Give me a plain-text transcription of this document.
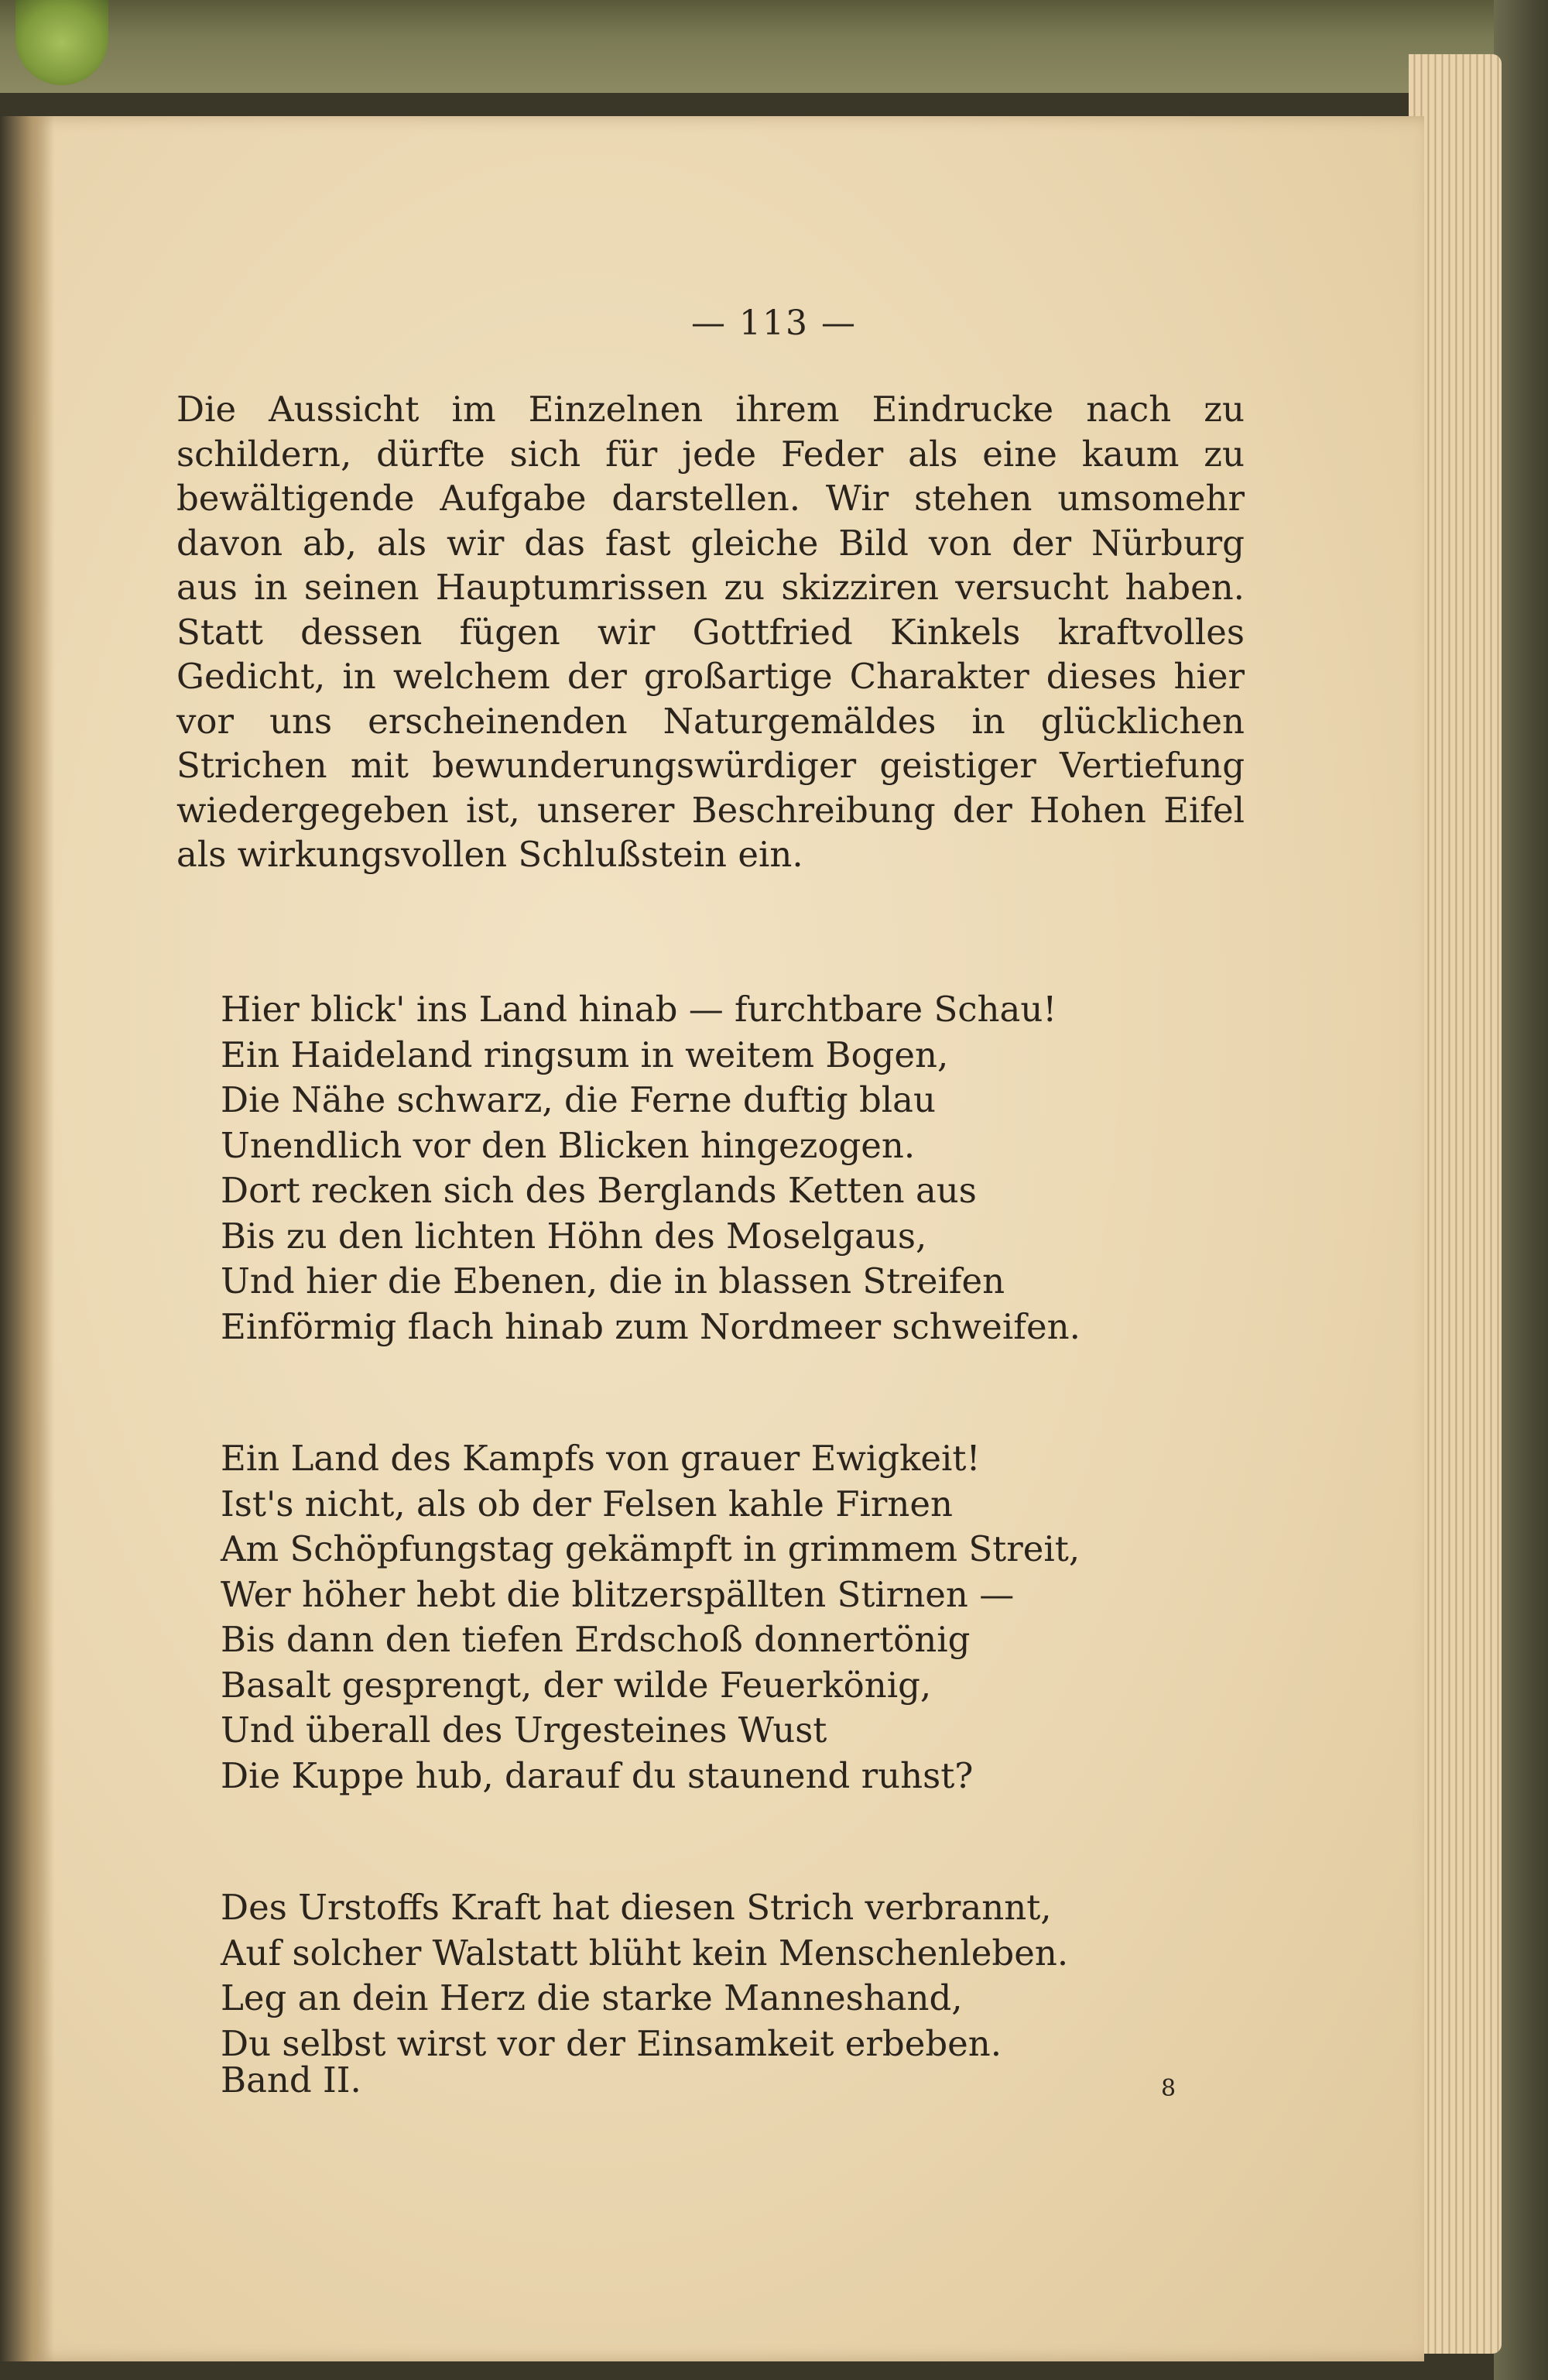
— 113 —
Die Aussicht im Einzelnen ihrem Eindrucke nach zu
schildern, dürfte sich für jede Feder als eine kaum zu
bewältigende Aufgabe darstellen. Wir stehen umsomehr
davon ab, als wir das fast gleiche Bild von der Nürburg
aus in seinen Hauptumrissen zu skizziren versucht haben.
Statt dessen fügen wir Gottfried Kinkels kraftvolles
Gedicht, in welchem der großartige Charakter dieses hier
vor uns erscheinenden Naturgemäldes in glücklichen
Strichen mit bewunderungswürdiger geistiger Vertiefung
wiedergegeben ist, unserer Beschreibung der Hohen Eifel
als wirkungsvollen Schlußstein ein.
Hier blick' ins Land hinab — furchtbare Schau!
Ein Haideland ringsum in weitem Bogen,
Die Nähe schwarz, die Ferne duftig blau
Unendlich vor den Blicken hingezogen.
Dort recken sich des Berglands Ketten aus
Bis zu den lichten Höhn des Moselgaus,
Und hier die Ebenen, die in blassen Streifen
Einförmig flach hinab zum Nordmeer schweifen.
Ein Land des Kampfs von grauer Ewigkeit!
Ist's nicht, als ob der Felsen kahle Firnen
Am Schöpfungstag gekämpft in grimmem Streit,
Wer höher hebt die blitzerspällten Stirnen —
Bis dann den tiefen Erdschoß donnertönig
Basalt gesprengt, der wilde Feuerkönig,
Und überall des Urgesteines Wust
Die Kuppe hub, darauf du staunend ruhst?
Des Urstoffs Kraft hat diesen Strich verbrannt,
Auf solcher Walstatt blüht kein Menschenleben.
Leg an dein Herz die starke Manneshand,
Du selbst wirst vor der Einsamkeit erbeben.
Band II.	8
